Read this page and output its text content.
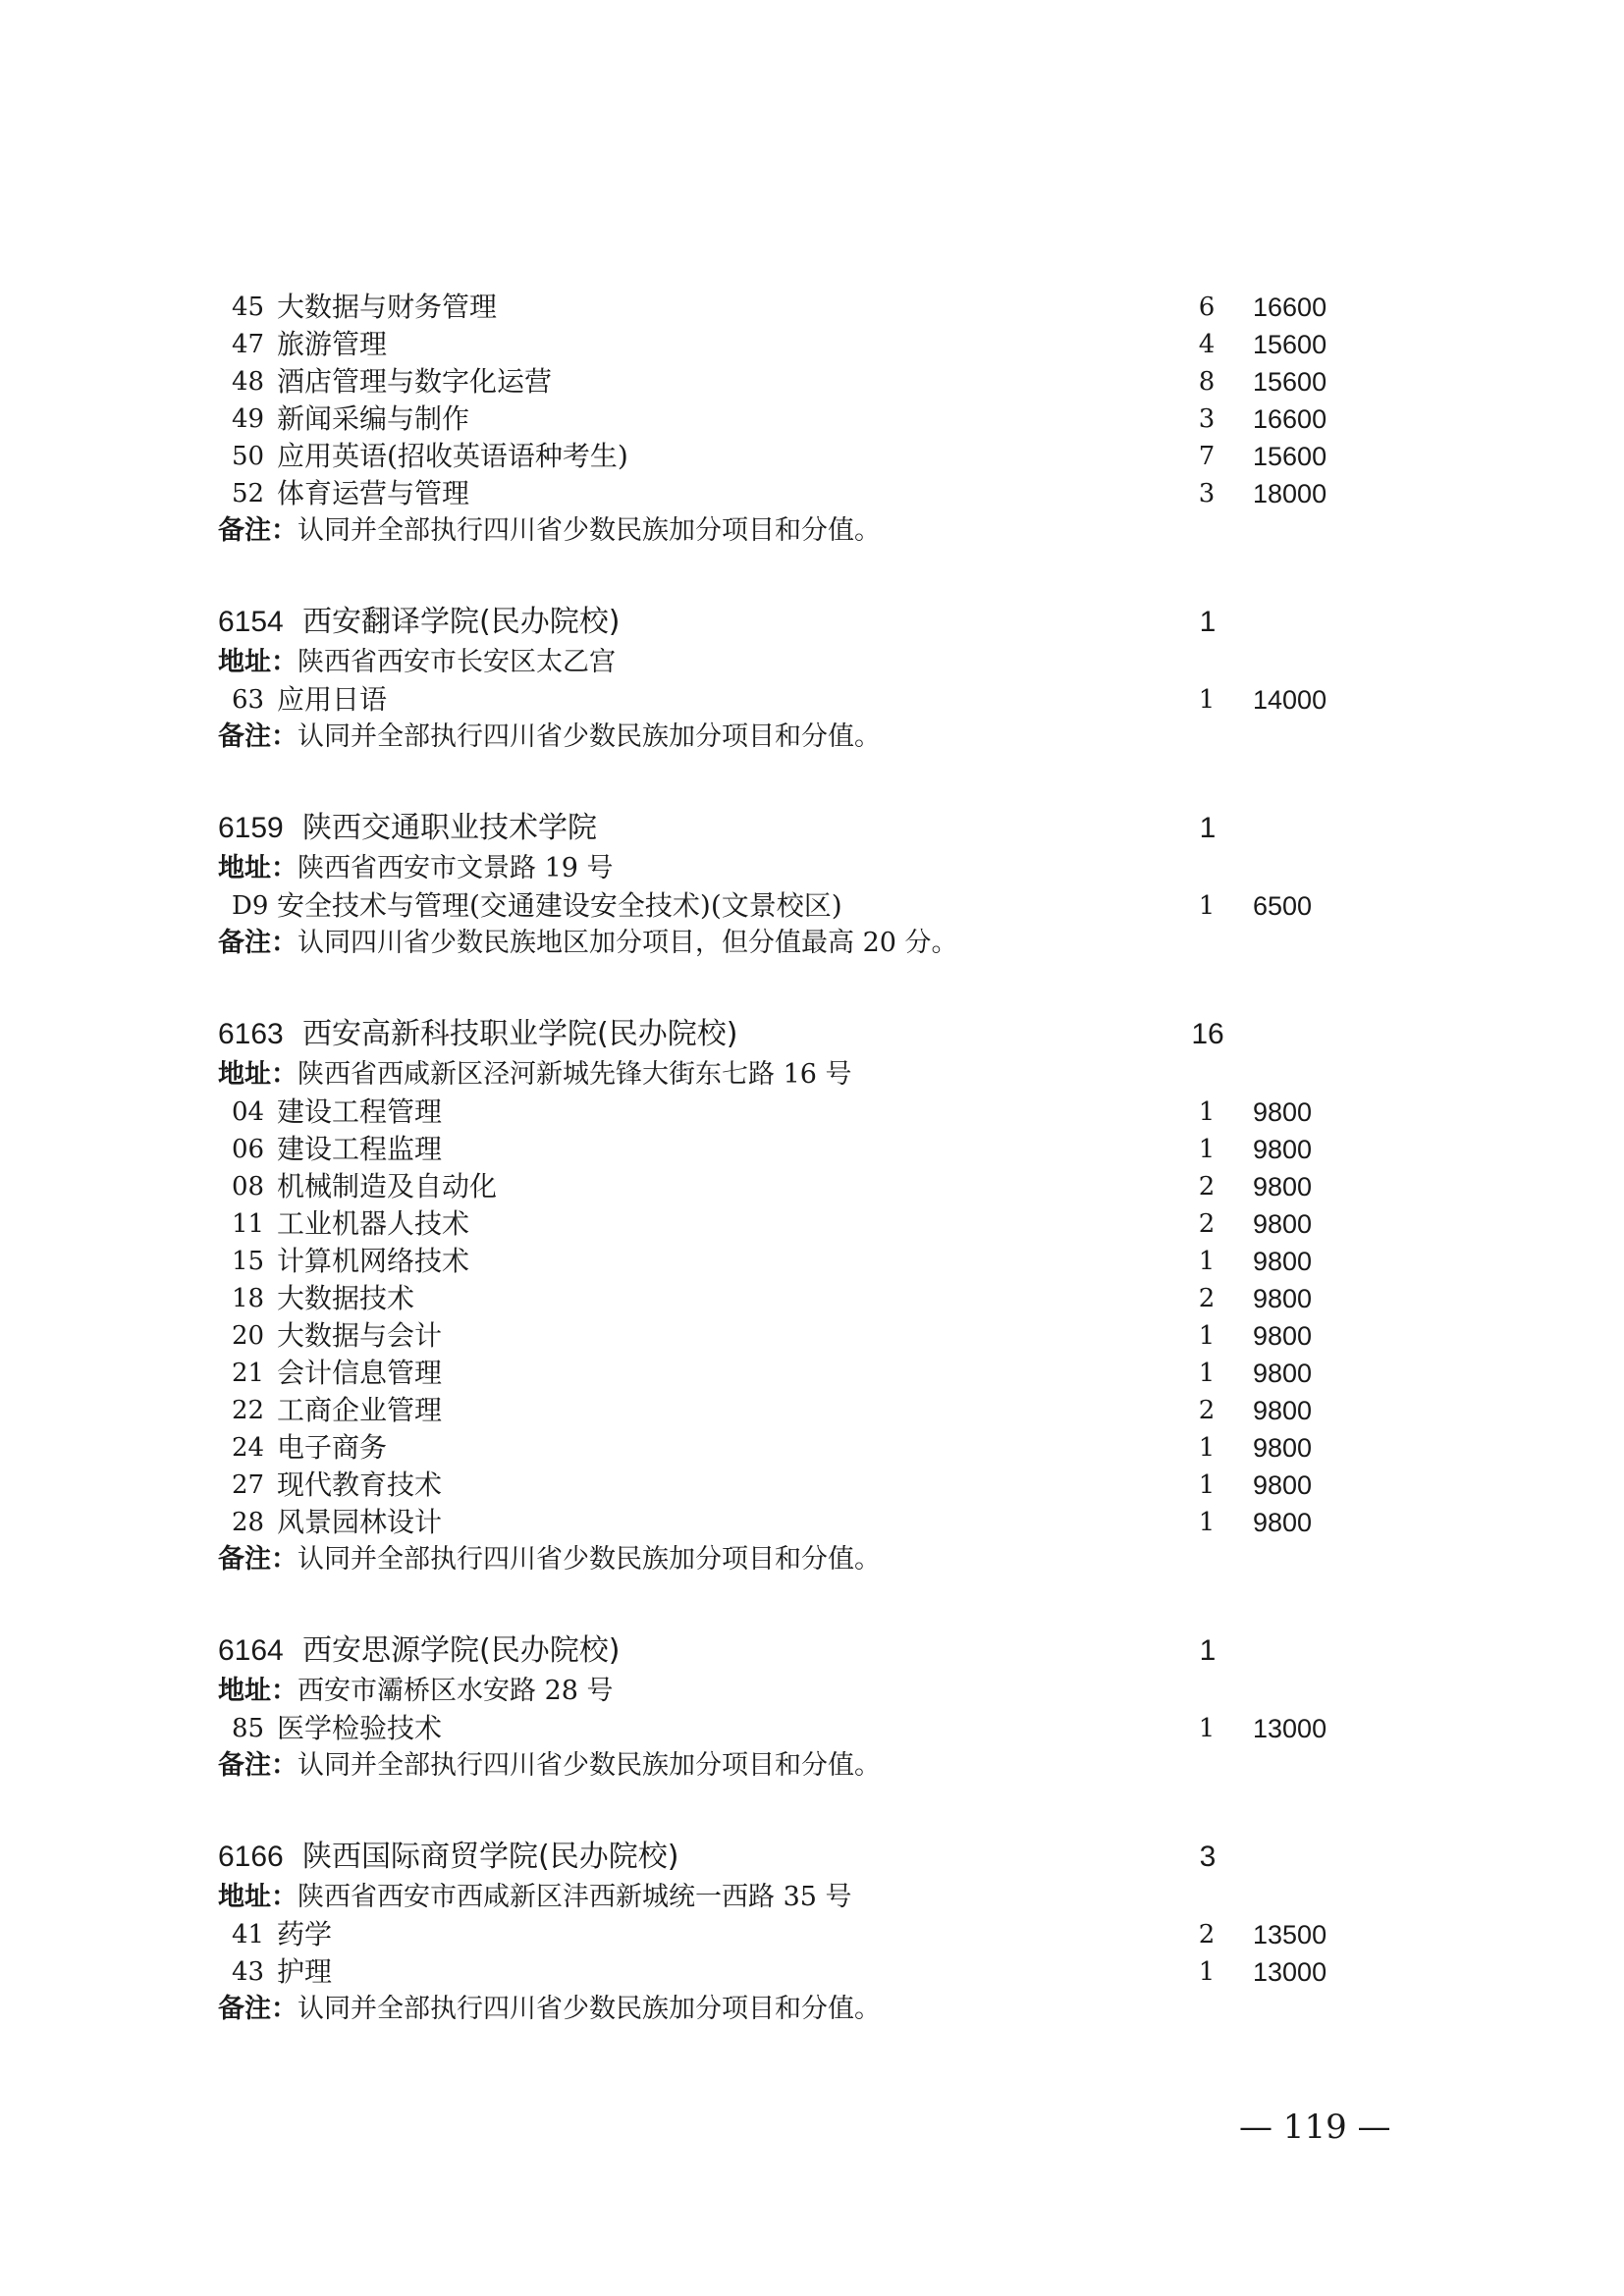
45 大数据与财务管理	6 16600
47 旅游管理	4 15600
48 酒店管理与数字化运营	8 15600
49 新闻采编与制作	3 16600
50 应用英语(招收英语语种考生)	7 15600
52 体育运营与管理	3 18000
备注：认同并全部执行四川省少数民族加分项目和分值。
6154 西安翻译学院(民办院校)	1
地址：陕西省西安市长安区太乙宫
63 应用日语	1 14000
备注：认同并全部执行四川省少数民族加分项目和分值。
6159 陕西交通职业技术学院	1
地址：陕西省西安市文景路 19 号
D9 安全技术与管理(交通建设安全技术)(文景校区)	1 6500
备注：认同四川省少数民族地区加分项目，但分值最高 20 分。
6163 西安高新科技职业学院(民办院校)	16
地址：陕西省西咸新区泾河新城先锋大街东七路 16 号
04 建设工程管理	1 9800
06 建设工程监理	1 9800
08 机械制造及自动化	2 9800
11 工业机器人技术	2 9800
15 计算机网络技术	1 9800
18 大数据技术	2 9800
20 大数据与会计	1 9800
21 会计信息管理	1 9800
22 工商企业管理	2 9800
24 电子商务	1 9800
27 现代教育技术	1 9800
28 风景园林设计	1 9800
备注：认同并全部执行四川省少数民族加分项目和分值。
6164 西安思源学院(民办院校)	1
地址：西安市灞桥区水安路 28 号
85 医学检验技术	1 13000
备注：认同并全部执行四川省少数民族加分项目和分值。
6166 陕西国际商贸学院(民办院校)	3
地址：陕西省西安市西咸新区沣西新城统一西路 35 号
41 药学	2 13500
43 护理	1 13000
备注：认同并全部执行四川省少数民族加分项目和分值。
— 119 —
